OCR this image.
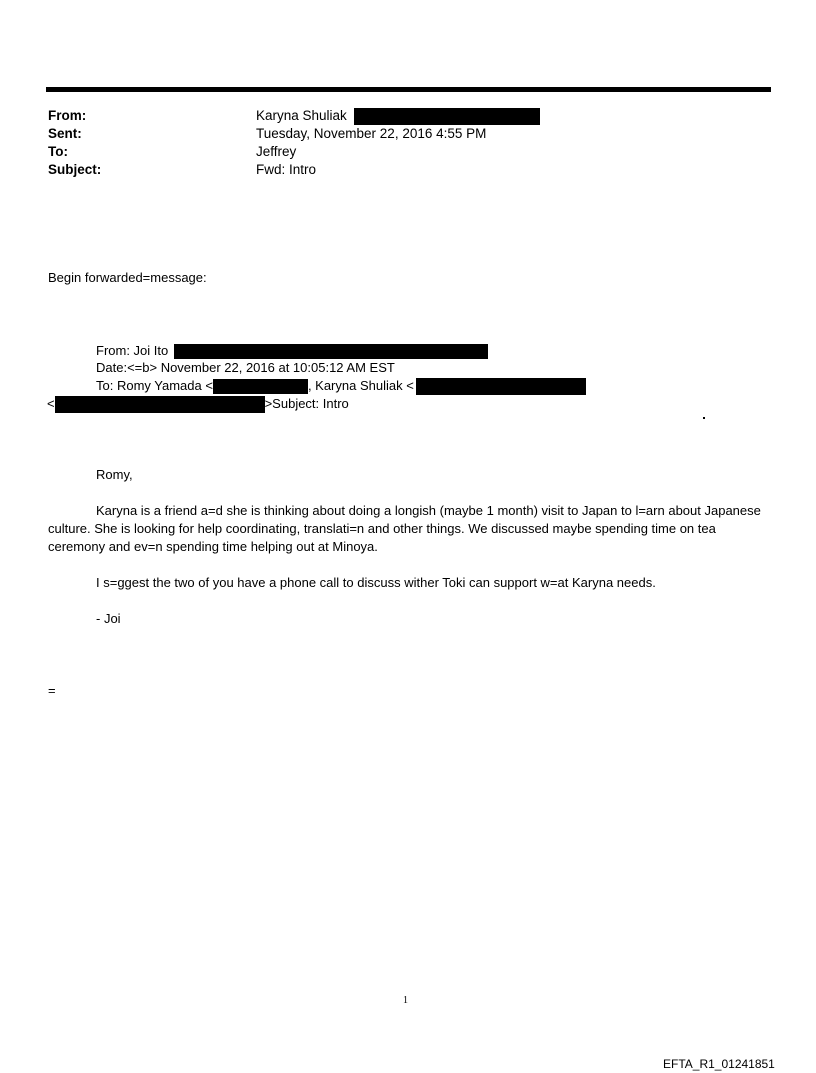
From:	Karyna Shuliak
Sent:	Tuesday, November 22, 2016 4:55 PM
To:	Jeffrey
Subject:	Fwd: Intro
Begin forwarded=message:
From: Joi Ito
Date:<=b> November 22, 2016 at 10:05:12 AM EST
To: Romy Yamada <	, Karyna Shuliak <
<	>Subject: Intro
Romy,
Karyna is a friend a=d she is thinking about doing a longish (maybe 1 month) visit to Japan to l=arn about Japanese culture. She is looking for help coordinating, translati=n and other things. We discussed maybe spending time on tea ceremony and ev=n spending time helping out at Minoya.
I s=ggest the two of you have a phone call to discuss wither Toki can support w=at Karyna needs.
- Joi
=
1
EFTA_R1_01241851
